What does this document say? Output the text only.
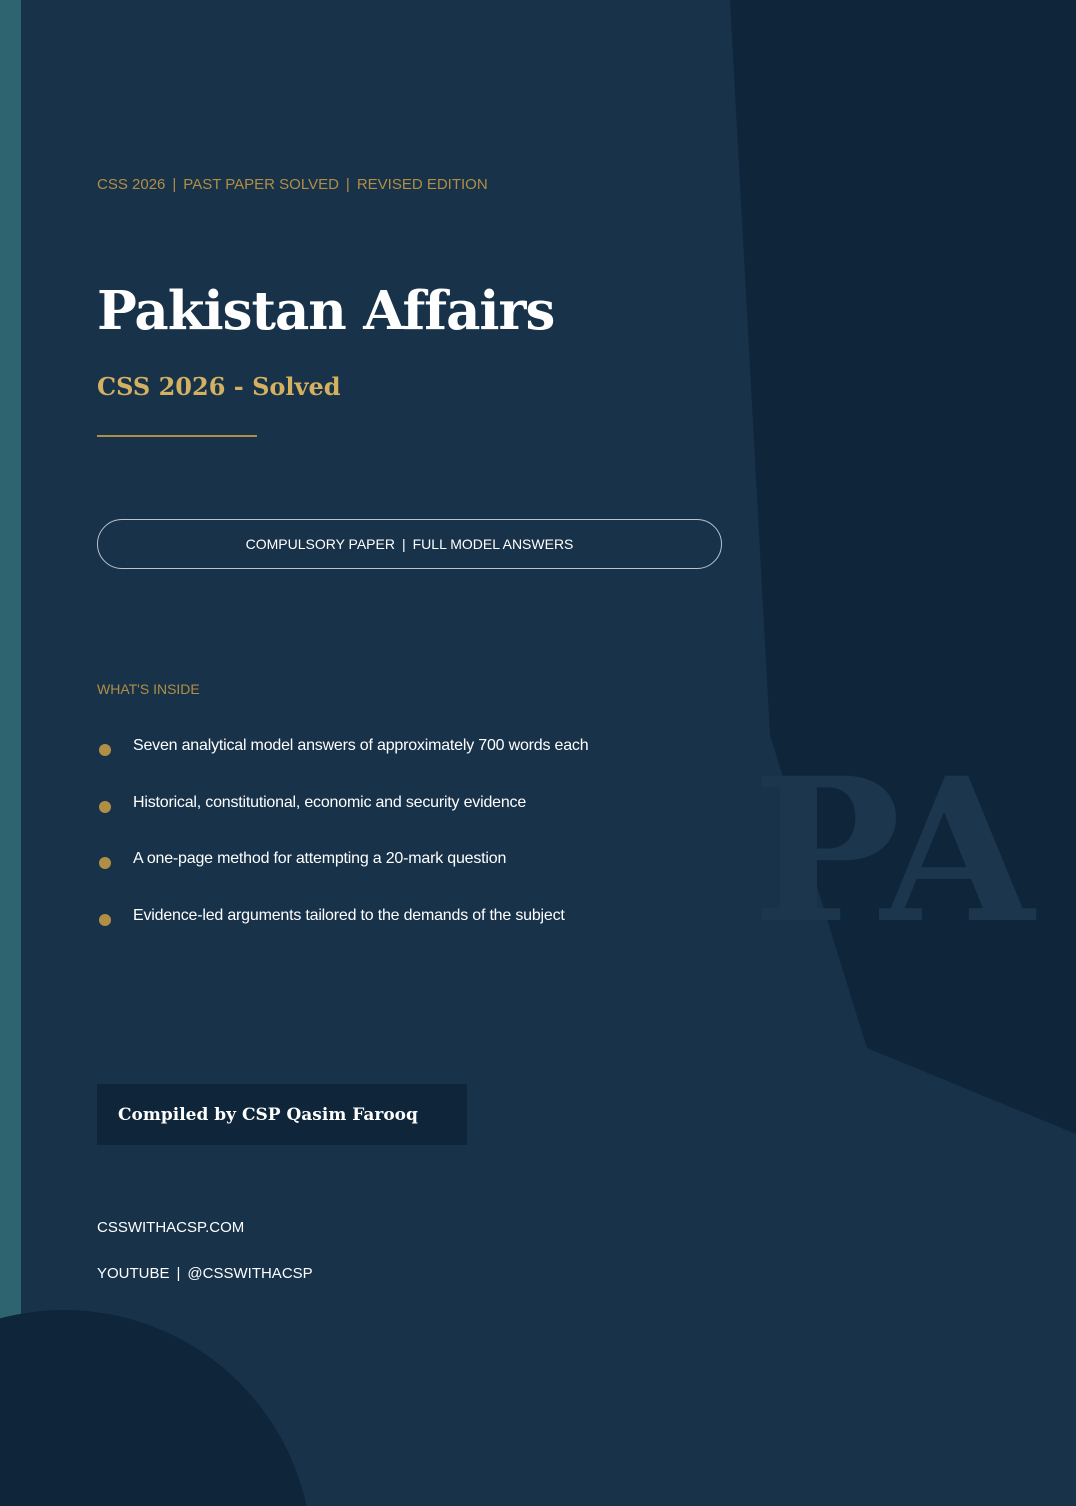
PA
CSS 2026 | PAST PAPER SOLVED | REVISED EDITION
Pakistan Affairs
CSS 2026 - Solved
COMPULSORY PAPER | FULL MODEL ANSWERS
WHAT'S INSIDE
Seven analytical model answers of approximately 700 words each
Historical, constitutional, economic and security evidence
A one-page method for attempting a 20-mark question
Evidence-led arguments tailored to the demands of the subject
Compiled by CSP Qasim Farooq
CSSWITHACSP.COM
YOUTUBE | @CSSWITHACSP
